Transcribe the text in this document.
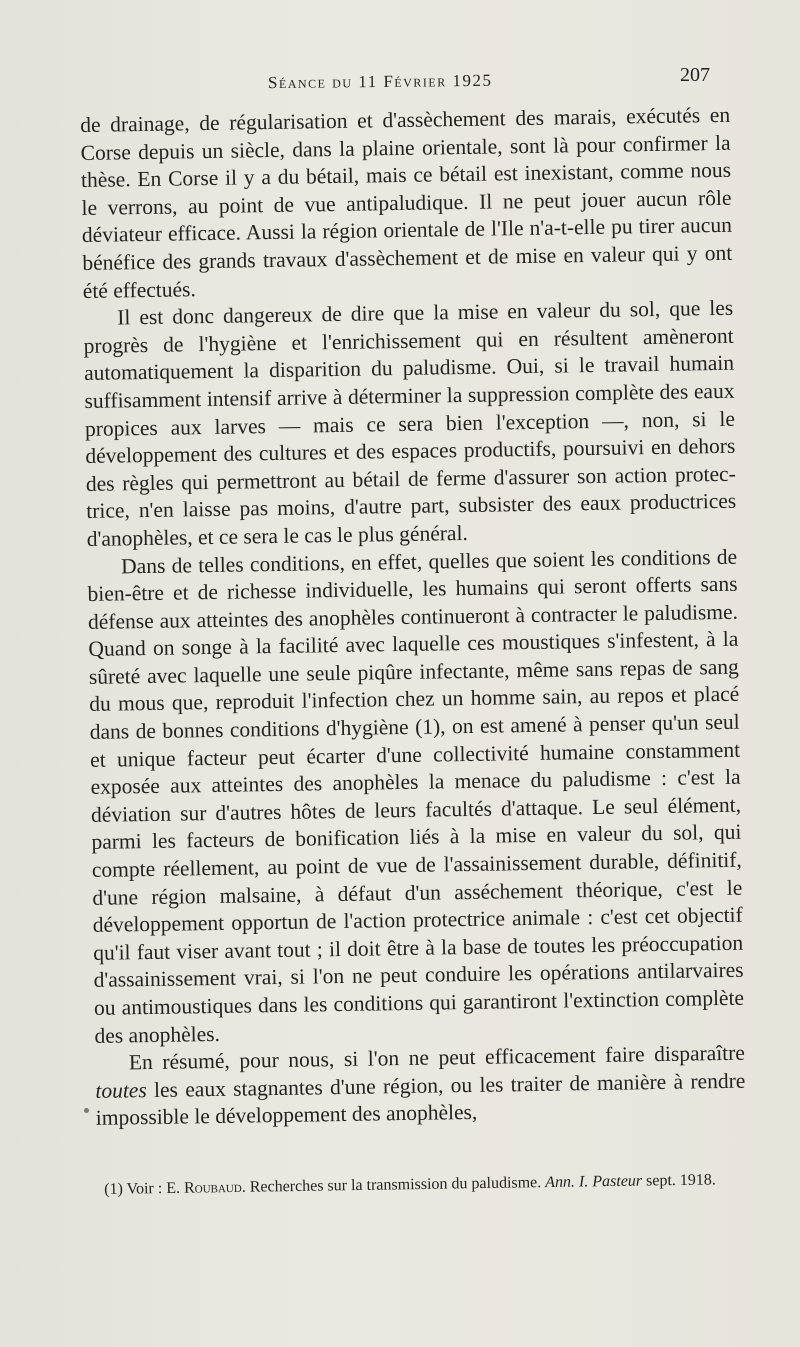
Séance du 11 Février 1925	207

de drainage, de régularisation et d'assèchement des marais, exécutés en Corse depuis un siècle, dans la plaine orientale, sont là pour confirmer la thèse. En Corse il y a du bétail, mais ce bétail est inexistant, comme nous le verrons, au point de vue antipaludique. Il ne peut jouer aucun rôle déviateur efficace. Aussi la région orientale de l'Ile n'a-t-elle pu tirer aucun bénéfice des grands travaux d'assèchement et de mise en valeur qui y ont été effectués.

Il est donc dangereux de dire que la mise en valeur du sol, que les progrès de l'hygiène et l'enrichissement qui en résultent amèneront automatiquement la disparition du paludisme. Oui, si le travail humain suffisamment intensif arrive à déterminer la suppression complète des eaux propices aux larves — mais ce sera bien l'exception —, non, si le développement des cultures et des espaces productifs, poursuivi en dehors des règles qui permettront au bétail de ferme d'assurer son action protectrice, n'en laisse pas moins, d'autre part, subsister des eaux productrices d'anophèles, et ce sera le cas le plus général.

Dans de telles conditions, en effet, quelles que soient les conditions de bien-être et de richesse individuelle, les humains qui seront offerts sans défense aux atteintes des anophèles continueront à contracter le paludisme. Quand on songe à la facilité avec laquelle ces moustiques s'infestent, à la sûreté avec laquelle une seule piqûre infectante, même sans repas de sang du mous que, reproduit l'infection chez un homme sain, au repos et placé dans de bonnes conditions d'hygiène (1), on est amené à penser qu'un seul et unique facteur peut écarter d'une collectivité humaine constamment exposée aux atteintes des anophèles la menace du paludisme : c'est la déviation sur d'autres hôtes de leurs facultés d'attaque. Le seul élément, parmi les facteurs de bonification liés à la mise en valeur du sol, qui compte réellement, au point de vue de l'assainissement durable, définitif, d'une région malsaine, à défaut d'un asséchement théorique, c'est le développement opportun de l'action protectrice animale : c'est cet objectif qu'il faut viser avant tout ; il doit être à la base de toutes les préoccupation d'assainissement vrai, si l'on ne peut conduire les opérations antilarvaires ou antimoustiques dans les conditions qui garantiront l'extinction complète des anophèles.

En résumé, pour nous, si l'on ne peut efficacement faire disparaître toutes les eaux stagnantes d'une région, ou les traiter de manière à rendre impossible le développement des anophèles,

(1) Voir : E. Roubaud. Recherches sur la transmission du paludisme. Ann. I. Pasteur sept. 1918.
